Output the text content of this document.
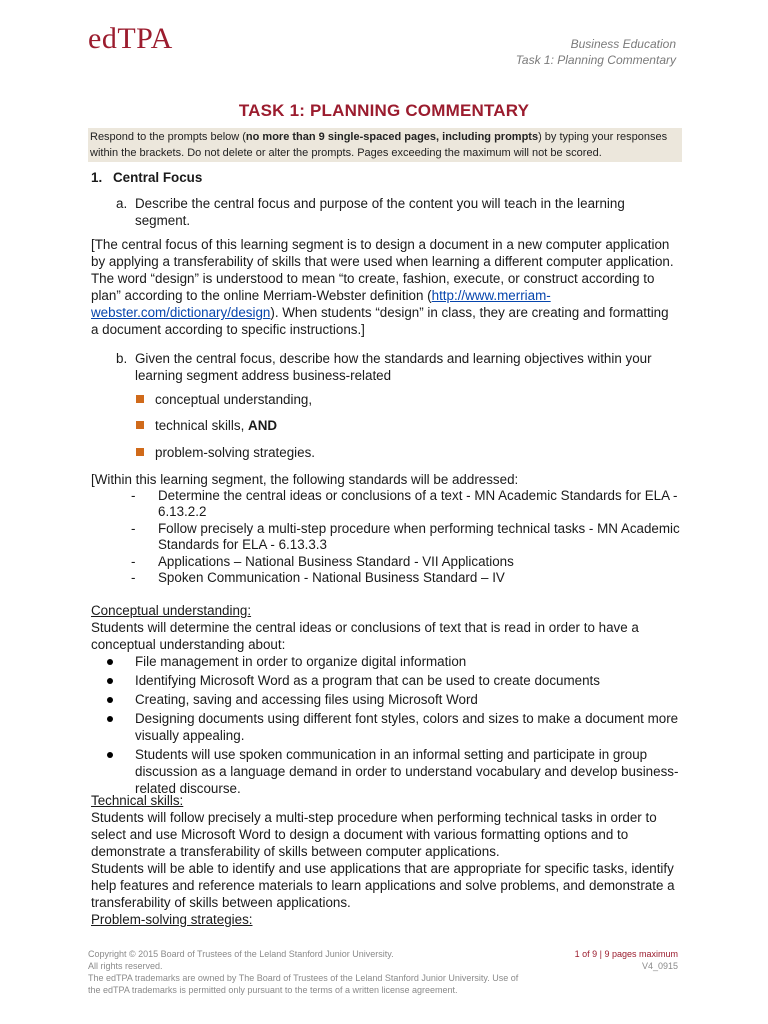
edTPA	Business Education
Task 1: Planning Commentary
TASK 1: PLANNING COMMENTARY
Respond to the prompts below (no more than 9 single-spaced pages, including prompts) by typing your responses within the brackets. Do not delete or alter the prompts. Pages exceeding the maximum will not be scored.
1. Central Focus
a. Describe the central focus and purpose of the content you will teach in the learning segment.
[The central focus of this learning segment is to design a document in a new computer application by applying a transferability of skills that were used when learning a different computer application. The word “design” is understood to mean “to create, fashion, execute, or construct according to plan” according to the online Merriam-Webster definition (http://www.merriam-webster.com/dictionary/design). When students “design” in class, they are creating and formatting a document according to specific instructions.]
b. Given the central focus, describe how the standards and learning objectives within your learning segment address business-related
conceptual understanding,
technical skills, AND
problem-solving strategies.
[Within this learning segment, the following standards will be addressed:
- Determine the central ideas or conclusions of a text - MN Academic Standards for ELA - 6.13.2.2
- Follow precisely a multi-step procedure when performing technical tasks - MN Academic Standards for ELA - 6.13.3.3
- Applications – National Business Standard - VII Applications
- Spoken Communication - National Business Standard – IV
Conceptual understanding:
Students will determine the central ideas or conclusions of text that is read in order to have a conceptual understanding about:
File management in order to organize digital information
Identifying Microsoft Word as a program that can be used to create documents
Creating, saving and accessing files using Microsoft Word
Designing documents using different font styles, colors and sizes to make a document more visually appealing.
Students will use spoken communication in an informal setting and participate in group discussion as a language demand in order to understand vocabulary and develop business-related discourse.
Technical skills:
Students will follow precisely a multi-step procedure when performing technical tasks in order to select and use Microsoft Word to design a document with various formatting options and to demonstrate a transferability of skills between computer applications.
Students will be able to identify and use applications that are appropriate for specific tasks, identify help features and reference materials to learn applications and solve problems, and demonstrate a transferability of skills between applications.
Problem-solving strategies:
Copyright © 2015 Board of Trustees of the Leland Stanford Junior University.
All rights reserved.
The edTPA trademarks are owned by The Board of Trustees of the Leland Stanford Junior University. Use of the edTPA trademarks is permitted only pursuant to the terms of a written license agreement.
1 of 9 | 9 pages maximum
V4_0915
